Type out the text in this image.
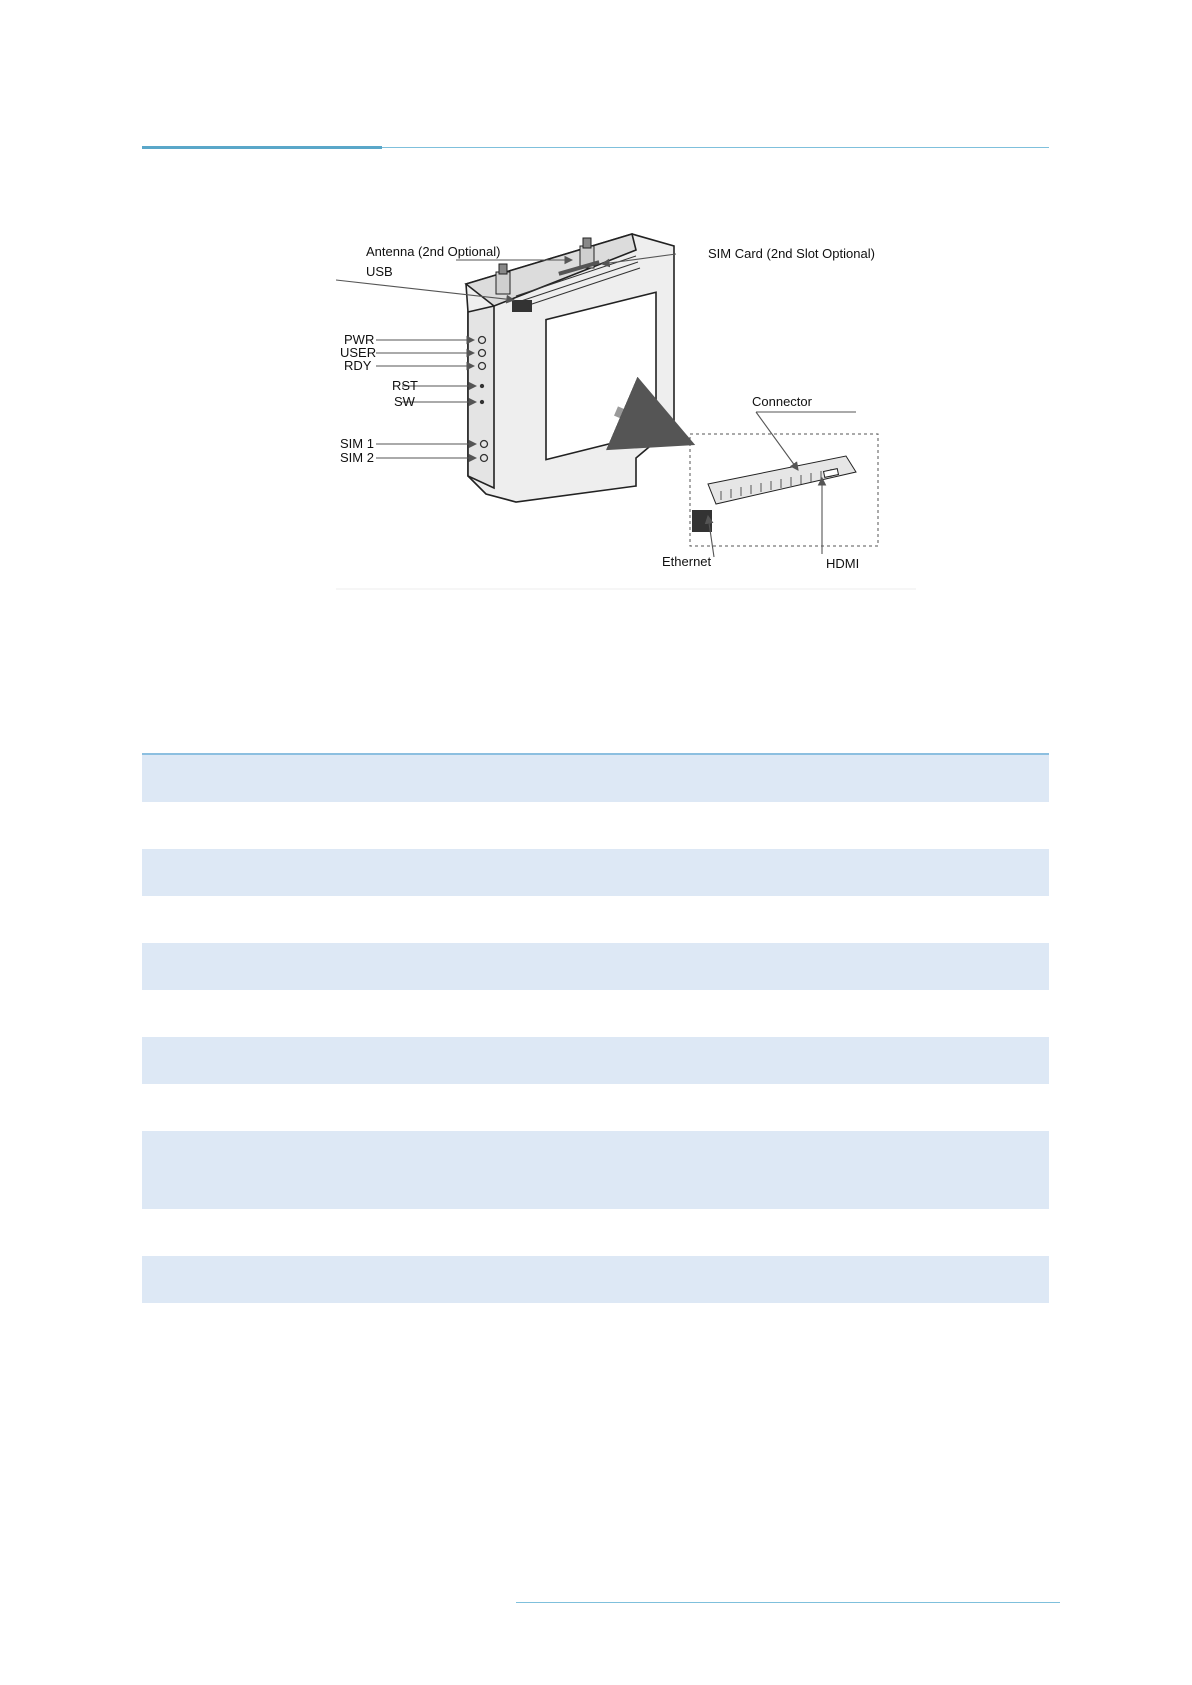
Antenna (2nd Optional)	SIM Card (2nd Slot Optional)
USB
PWR
USER
RDY
RST
SW
SIM 1
SIM 2
Connector
Ethernet	HDMI
